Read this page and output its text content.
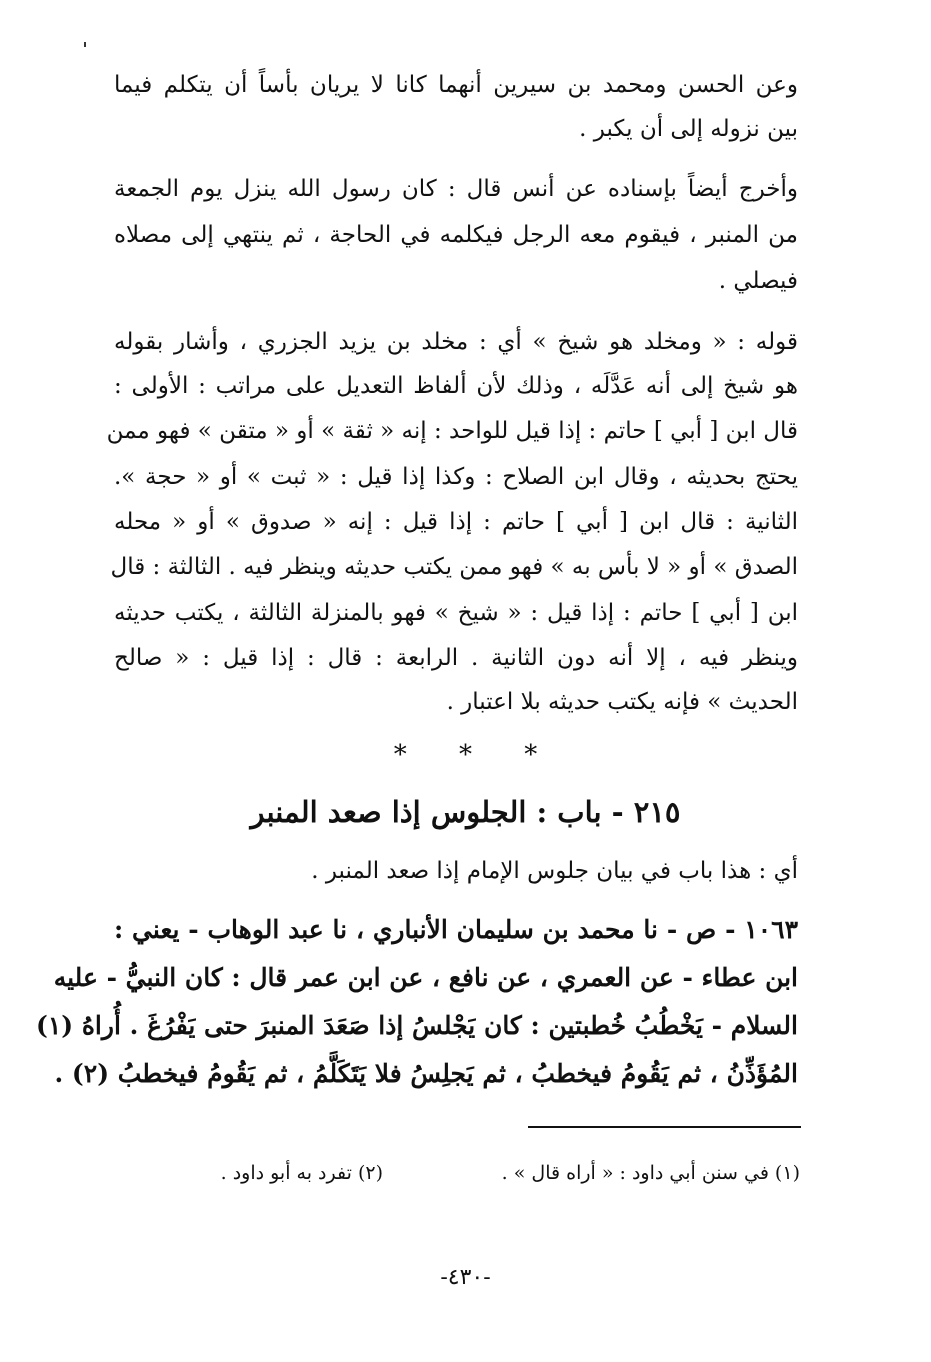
وعن الحسن ومحمد بن سيرين أنهما كانا لا يريان بأساً أن يتكلم فيما
بين نزوله إلى أن يكبر .
وأخرج أيضاً بإسناده عن أنس قال : كان رسول الله ينزل يوم الجمعة
من المنبر ، فيقوم معه الرجل فيكلمه في الحاجة ، ثم ينتهي إلى مصلاه
فيصلي .
قوله : « ومخلد هو شيخ » أي : مخلد بن يزيد الجزري ، وأشار بقوله
هو شيخ إلى أنه عَدَّلَه ، وذلك لأن ألفاظ التعديل على مراتب : الأولى :
قال ابن [ أبي ] حاتم : إذا قيل للواحد : إنه « ثقة » أو « متقن » فهو ممن
يحتج بحديثه ، وقال ابن الصلاح : وكذا إذا قيل : « ثبت » أو « حجة ».
الثانية : قال ابن [ أبي ] حاتم : إذا قيل : إنه « صدوق » أو « محله
الصدق » أو « لا بأس به » فهو ممن يكتب حديثه وينظر فيه . الثالثة : قال
ابن [ أبي ] حاتم : إذا قيل : « شيخ » فهو بالمنزلة الثالثة ، يكتب حديثه
وينظر فيه ، إلا أنه دون الثانية . الرابعة : قال : إذا قيل : « صالح
الحديث » فإنه يكتب حديثه بلا اعتبار .
* * *
٢١٥ - باب : الجلوس إذا صعد المنبر
أي : هذا باب في بيان جلوس الإمام إذا صعد المنبر .
١٠٦٣ - ص - نا محمد بن سليمان الأنباري ، نا عبد الوهاب - يعني :
ابن عطاء - عن العمري ، عن نافع ، عن ابن عمر قال : كان النبيُّ - عليه
السلام - يَخْطُبُ خُطبتين : كان يَجْلسُ إذا صَعَدَ المنبرَ حتى يَفْرُغَ . أُراهُ (١)
المُؤَذِّنُ ، ثم يَقُومُ فيخطبُ ، ثم يَجلِسُ فلا يَتَكَلَّمُ ، ثم يَقُومُ فيخطبُ (٢) .
(١) في سنن أبي داود : « أراه قال » .
(٢) تفرد به أبو داود .
-٤٣٠-
